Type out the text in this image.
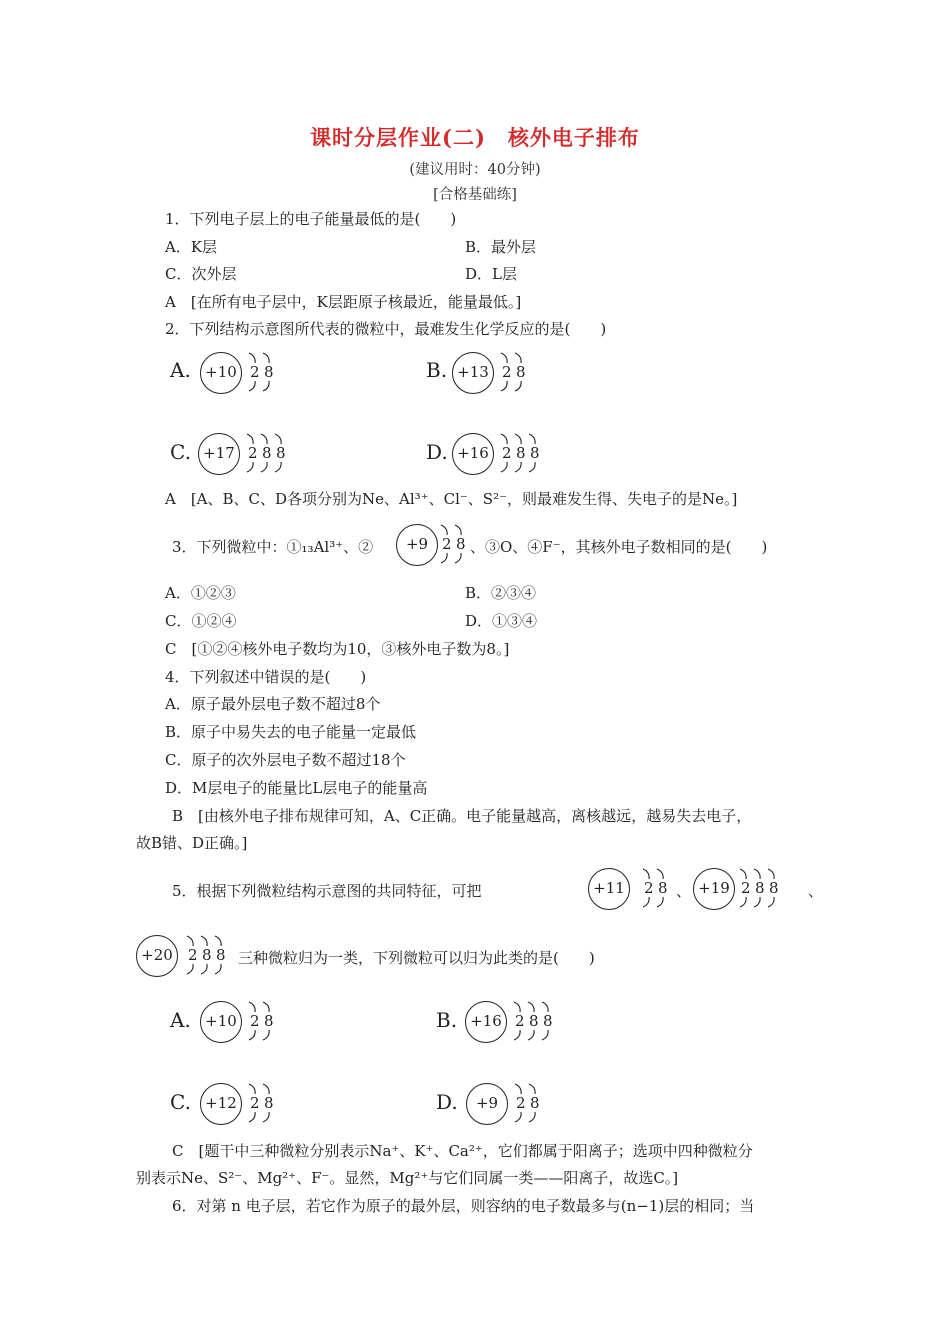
课时分层作业(二)　核外电子排布
(建议用时：40分钟)
[合格基础练]
1．下列电子层上的电子能量最低的是(　　)
A．K层	B．最外层
C．次外层	D．L层
A　[在所有电子层中，K层距原子核最近，能量最低。]
2．下列结构示意图所代表的微粒中，最难发生化学反应的是(　　)
A. +10 2 8	B. +13 2 8
C. +17 2 8 8	D. +16 2 8 8
A　[A、B、C、D各项分别为Ne、Al³⁺、Cl⁻、S²⁻，则最难发生得、失电子的是Ne。]
3．下列微粒中：①₁₃Al³⁺、②	+9 2 8 、③O、④F⁻，其核外电子数相同的是(　　)
A．①②③	B．②③④
C．①②④	D．①③④
C　[①②④核外电子数均为10，③核外电子数为8。]
4．下列叙述中错误的是(　　)
A．原子最外层电子数不超过8个
B．原子中易失去的电子能量一定最低
C．原子的次外层电子数不超过18个
D．M层电子的能量比L层电子的能量高
B　[由核外电子排布规律可知，A、C正确。电子能量越高，离核越远，越易失去电子，
故B错、D正确。]
5．根据下列微粒结构示意图的共同特征，可把	+11	2 8 、 +19 2 8 8 、
+20	2 8 8 三种微粒归为一类，下列微粒可以归为此类的是(　　)
A. +10 2 8	B. +16 2 8 8
C. +12 2 8	D.	+9	2 8
C　[题干中三种微粒分别表示Na⁺、K⁺、Ca²⁺，它们都属于阳离子；选项中四种微粒分
别表示Ne、S²⁻、Mg²⁺、F⁻。显然，Mg²⁺与它们同属一类——阳离子，故选C。]
6．对第 n 电子层，若它作为原子的最外层，则容纳的电子数最多与(n−1)层的相同；当
